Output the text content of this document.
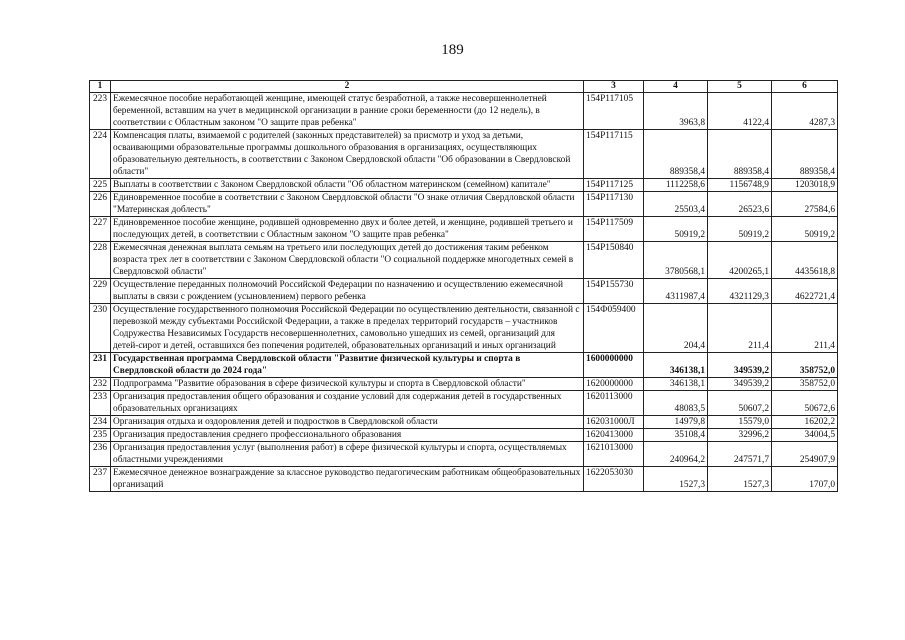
189
1	2	3	4	5	6
223	Ежемесячное пособие неработающей женщине, имеющей статус безработной, а также несовершеннолетней беременной, вставшим на учет в медицинской организации в ранние сроки беременности (до 12 недель), в соответствии с Областным законом "О защите прав ребенка"	154Р117105	3963,8	4122,4	4287,3
224	Компенсация платы, взимаемой с родителей (законных представителей) за присмотр и уход за детьми, осваивающими образовательные программы дошкольного образования в организациях, осуществляющих образовательную деятельность, в соответствии с Законом Свердловской области "Об образовании в Свердловской области"	154Р117115	889358,4	889358,4	889358,4
225	Выплаты в соответствии с Законом Свердловской области "Об областном материнском (семейном) капитале"	154Р117125	1112258,6	1156748,9	1203018,9
226	Единовременное пособие в соответствии с Законом Свердловской области "О знаке отличия Свердловской области "Материнская доблесть"	154Р117130	25503,4	26523,6	27584,6
227	Единовременное пособие женщине, родившей одновременно двух и более детей, и женщине, родившей третьего и последующих детей, в соответствии с Областным законом "О защите прав ребенка"	154Р117509	50919,2	50919,2	50919,2
228	Ежемесячная денежная выплата семьям на третьего или последующих детей до достижения таким ребенком возраста трех лет в соответствии с Законом Свердловской области "О социальной поддержке многодетных семей в Свердловской области"	154Р150840	3780568,1	4200265,1	4435618,8
229	Осуществление переданных полномочий Российской Федерации по назначению и осуществлению ежемесячной выплаты в связи с рождением (усыновлением) первого ребенка	154Р155730	4311987,4	4321129,3	4622721,4
230	Осуществление государственного полномочия Российской Федерации по осуществлению деятельности, связанной с перевозкой между субъектами Российской Федерации, а также в пределах территорий государств – участников Содружества Независимых Государств несовершеннолетних, самовольно ушедших из семей, организаций для детей-сирот и детей, оставшихся без попечения родителей, образовательных организаций и иных организаций	154Ф059400	204,4	211,4	211,4
231	Государственная программа Свердловской области "Развитие физической культуры и спорта в Свердловской области до 2024 года"	1600000000	346138,1	349539,2	358752,0
232	Подпрограмма "Развитие образования в сфере физической культуры и спорта в Свердловской области"	1620000000	346138,1	349539,2	358752,0
233	Организация предоставления общего образования и создание условий для содержания детей в государственных образовательных организациях	1620113000	48083,5	50607,2	50672,6
234	Организация отдыха и оздоровления детей и подростков в Свердловской области	162031000Л	14979,8	15579,0	16202,2
235	Организация предоставления среднего профессионального образования	1620413000	35108,4	32996,2	34004,5
236	Организация предоставления услуг (выполнения работ) в сфере физической культуры и спорта, осуществляемых областными учреждениями	1621013000	240964,2	247571,7	254907,9
237	Ежемесячное денежное вознаграждение за классное руководство педагогическим работникам общеобразовательных организаций	1622053030	1527,3	1527,3	1707,0
